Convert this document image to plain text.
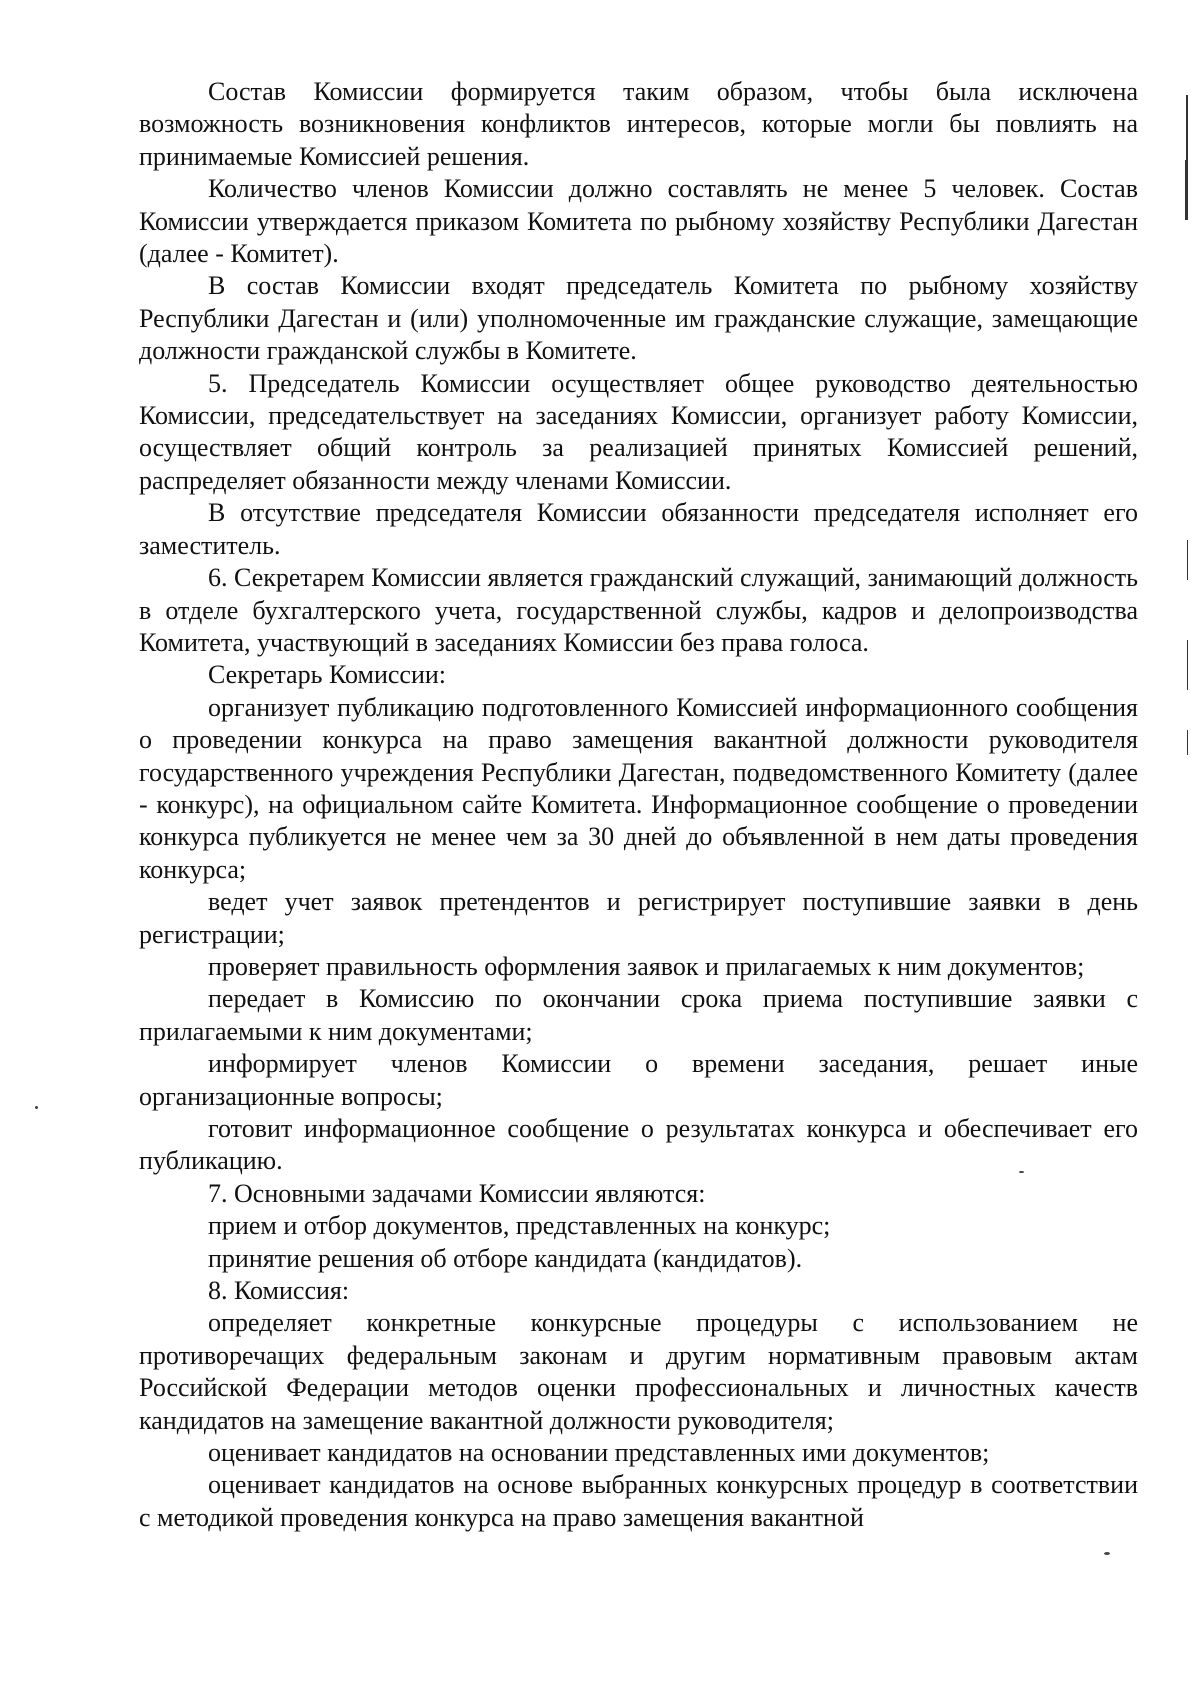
Состав Комиссии формируется таким образом, чтобы была исключена возможность возникновения конфликтов интересов, которые могли бы повлиять на принимаемые Комиссией решения.

Количество членов Комиссии должно составлять не менее 5 человек. Состав Комиссии утверждается приказом Комитета по рыбному хозяйству Республики Дагестан (далее - Комитет).

В состав Комиссии входят председатель Комитета по рыбному хозяйству Республики Дагестан и (или) уполномоченные им гражданские служащие, замещающие должности гражданской службы в Комитете.

5. Председатель Комиссии осуществляет общее руководство деятельностью Комиссии, председательствует на заседаниях Комиссии, организует работу Комиссии, осуществляет общий контроль за реализацией принятых Комиссией решений, распределяет обязанности между членами Комиссии.

В отсутствие председателя Комиссии обязанности председателя исполняет его заместитель.

6. Секретарем Комиссии является гражданский служащий, занимающий должность в отделе бухгалтерского учета, государственной службы, кадров и делопроизводства Комитета, участвующий в заседаниях Комиссии без права голоса.

Секретарь Комиссии:

организует публикацию подготовленного Комиссией информационного сообщения о проведении конкурса на право замещения вакантной должности руководителя государственного учреждения Республики Дагестан, подведомственного Комитету (далее - конкурс), на официальном сайте Комитета. Информационное сообщение о проведении конкурса публикуется не менее чем за 30 дней до объявленной в нем даты проведения конкурса;

ведет учет заявок претендентов и регистрирует поступившие заявки в день регистрации;

проверяет правильность оформления заявок и прилагаемых к ним документов;

передает в Комиссию по окончании срока приема поступившие заявки с прилагаемыми к ним документами;

информирует членов Комиссии о времени заседания, решает иные организационные вопросы;

готовит информационное сообщение о результатах конкурса и обеспечивает его публикацию.

7. Основными задачами Комиссии являются:

прием и отбор документов, представленных на конкурс;

принятие решения об отборе кандидата (кандидатов).

8. Комиссия:

определяет конкретные конкурсные процедуры с использованием не противоречащих федеральным законам и другим нормативным правовым актам Российской Федерации методов оценки профессиональных и личностных качеств кандидатов на замещение вакантной должности руководителя;

оценивает кандидатов на основании представленных ими документов;

оценивает кандидатов на основе выбранных конкурсных процедур в соответствии с методикой проведения конкурса на право замещения вакантной
